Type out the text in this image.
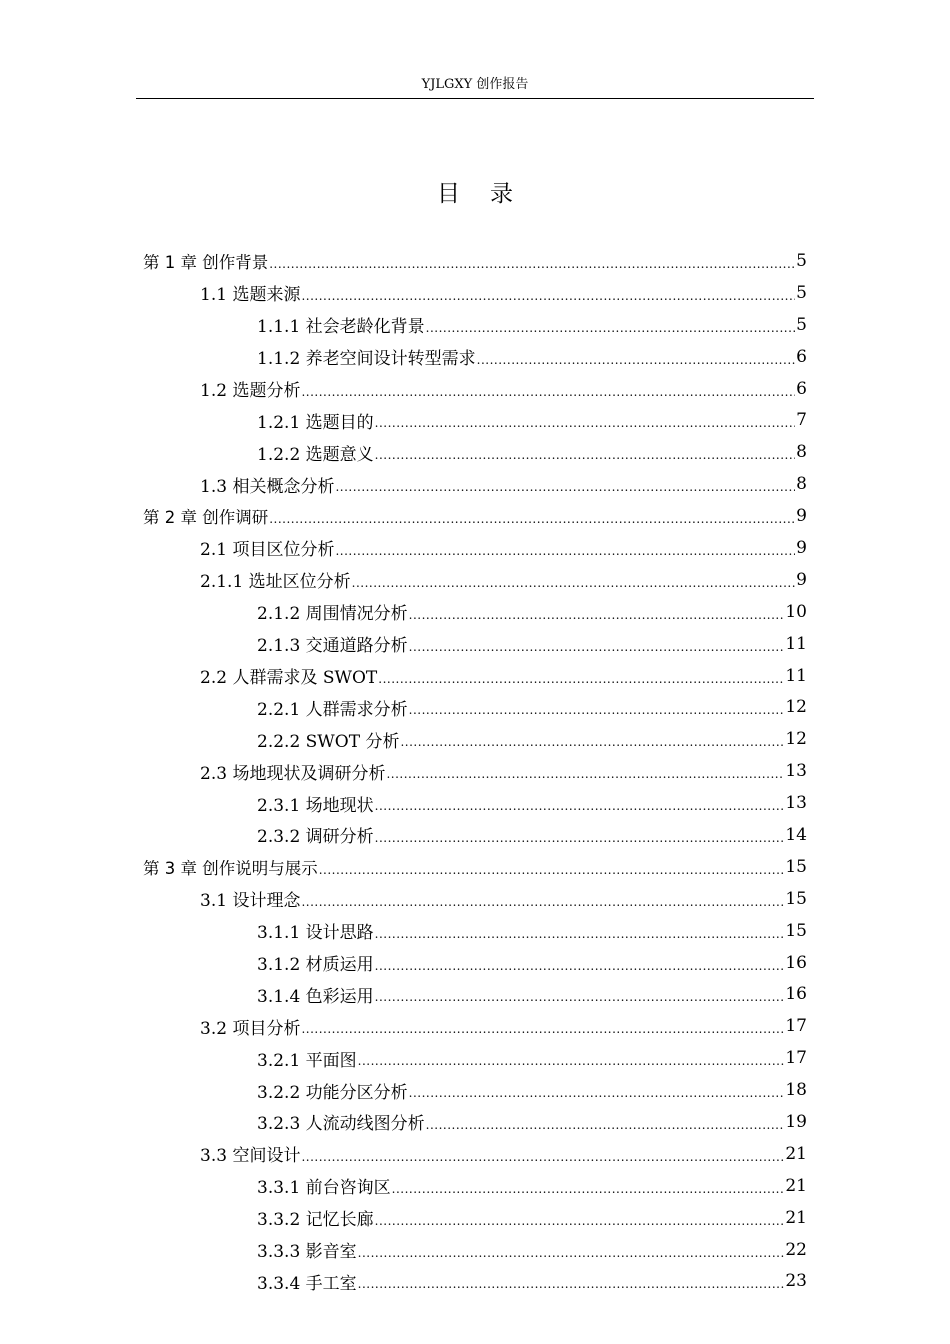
YJLGXY 创作报告
目录
第 1 章 创作背景 .....	5
1.1 选题来源 .....	5
1.1.1 社会老龄化背景 .....	5
1.1.2 养老空间设计转型需求 .....	6
1.2 选题分析 .....	6
1.2.1 选题目的 .....	7
1.2.2 选题意义 .....	8
1.3 相关概念分析 .....	8
第 2 章 创作调研 .....	9
2.1 项目区位分析 .....	9
2.1.1 选址区位分析 .....	9
2.1.2 周围情况分析 .....	10
2.1.3 交通道路分析 .....	11
2.2 人群需求及 SWOT .....	11
2.2.1 人群需求分析 .....	12
2.2.2 SWOT 分析 .....	12
2.3 场地现状及调研分析 .....	13
2.3.1 场地现状 .....	13
2.3.2 调研分析 .....	14
第 3 章 创作说明与展示 .....	15
3.1 设计理念 .....	15
3.1.1 设计思路 .....	15
3.1.2 材质运用 .....	16
3.1.4 色彩运用 .....	16
3.2 项目分析 .....	17
3.2.1 平面图 .....	17
3.2.2 功能分区分析 .....	18
3.2.3 人流动线图分析 .....	19
3.3 空间设计 .....	21
3.3.1 前台咨询区 .....	21
3.3.2 记忆长廊 .....	21
3.3.3 影音室 .....	22
3.3.4 手工室 .....	23
